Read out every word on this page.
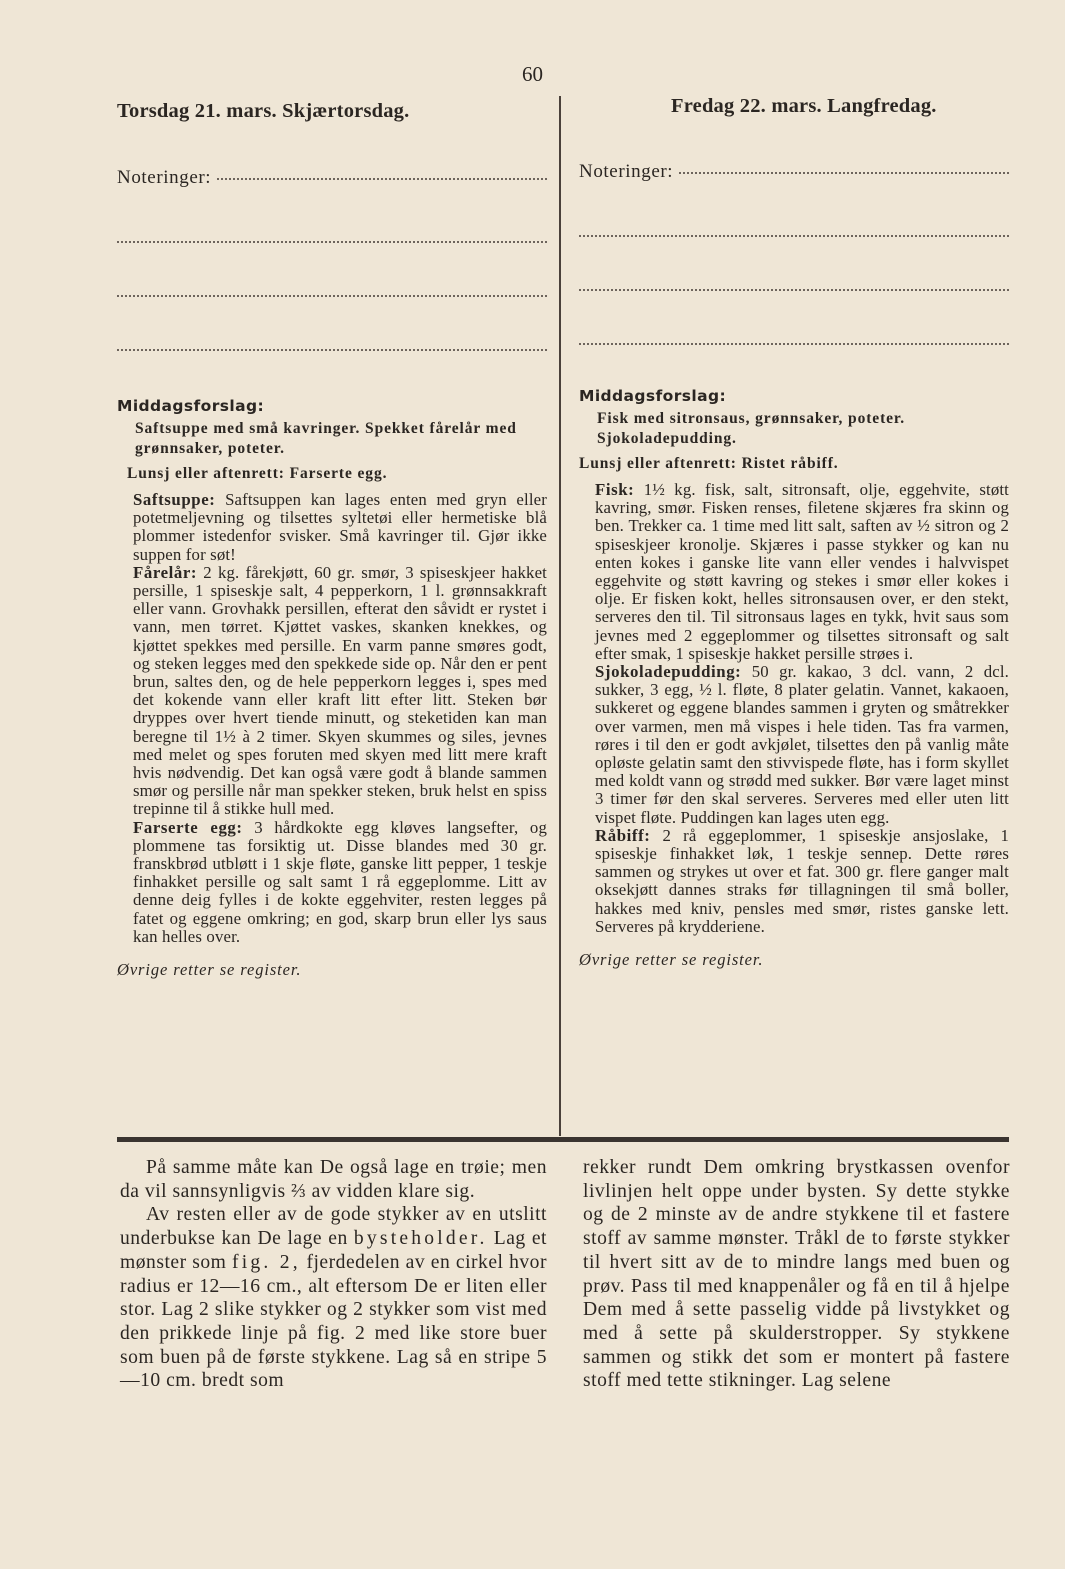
60
Torsdag 21. mars. Skjærtorsdag.
Noteringer:
Middagsforslag:

Saftsuppe med små kavringer. Spekket fårelår med grønnsaker, poteter.

Lunsj eller aftenrett: Farserte egg.

Saftsuppe: Saftsuppen kan lages enten med gryn eller potetmeljevning og tilsettes syltetøi eller hermetiske blå plommer istedenfor svisker. Små kavringer til. Gjør ikke suppen for søt!

Fårelår: 2 kg. fårekjøtt, 60 gr. smør, 3 spiseskjeer hakket persille, 1 spiseskje salt, 4 pepperkorn, 1 l. grønnsakkraft eller vann. Grovhakk persillen, efterat den såvidt er rystet i vann, men tørret. Kjøttet vaskes, skanken knekkes, og kjøttet spekkes med persille. En varm panne smøres godt, og steken legges med den spekkede side op. Når den er pent brun, saltes den, og de hele pepperkorn legges i, spes med det kokende vann eller kraft litt efter litt. Steken bør dryppes over hvert tiende minutt, og steketiden kan man beregne til 1½ à 2 timer. Skyen skummes og siles, jevnes med melet og spes foruten med skyen med litt mere kraft hvis nødvendig. Det kan også være godt å blande sammen smør og persille når man spekker steken, bruk helst en spiss trepinne til å stikke hull med.

Farserte egg: 3 hårdkokte egg kløves langsefter, og plommene tas forsiktig ut. Disse blandes med 30 gr. franskbrød utbløtt i 1 skje fløte, ganske litt pepper, 1 teskje finhakket persille og salt samt 1 rå eggeplomme. Litt av denne deig fylles i de kokte eggehviter, resten legges på fatet og eggene omkring; en god, skarp brun eller lys saus kan helles over.

Øvrige retter se register.
Fredag 22. mars. Langfredag.
Noteringer:
Middagsforslag:

Fisk med sitronsaus, grønnsaker, poteter. Sjokoladepudding.

Lunsj eller aftenrett: Ristet råbiff.

Fisk: 1½ kg. fisk, salt, sitronsaft, olje, eggehvite, støtt kavring, smør. Fisken renses, filetene skjæres fra skinn og ben. Trekker ca. 1 time med litt salt, saften av ½ sitron og 2 spiseskjeer kronolje. Skjæres i passe stykker og kan nu enten kokes i ganske lite vann eller vendes i halvvispet eggehvite og støtt kavring og stekes i smør eller kokes i olje. Er fisken kokt, helles sitronsausen over, er den stekt, serveres den til. Til sitronsaus lages en tykk, hvit saus som jevnes med 2 eggeplommer og tilsettes sitronsaft og salt efter smak, 1 spiseskje hakket persille strøes i.

Sjokoladepudding: 50 gr. kakao, 3 dcl. vann, 2 dcl. sukker, 3 egg, ½ l. fløte, 8 plater gelatin. Vannet, kakaoen, sukkeret og eggene blandes sammen i gryten og småtrekker over varmen, men må vispes i hele tiden. Tas fra varmen, røres i til den er godt avkjølet, tilsettes den på vanlig måte opløste gelatin samt den stivvispede fløte, has i form skyllet med koldt vann og strødd med sukker. Bør være laget minst 3 timer før den skal serveres. Serveres med eller uten litt vispet fløte. Puddingen kan lages uten egg.

Råbiff: 2 rå eggeplommer, 1 spiseskje ansjoslake, 1 spiseskje finhakket løk, 1 teskje sennep. Dette røres sammen og strykes ut over et fat. 300 gr. flere ganger malt oksekjøtt dannes straks før tillagningen til små boller, hakkes med kniv, pensles med smør, ristes ganske lett. Serveres på krydderiene.

Øvrige retter se register.

På samme måte kan De også lage en trøie; men da vil sannsynligvis ⅔ av vidden klare sig.

Av resten eller av de gode stykker av en utslitt underbukse kan De lage en bysteholder. Lag et mønster som fig. 2, fjerdedelen av en cirkel hvor radius er 12—16 cm., alt eftersom De er liten eller stor. Lag 2 slike stykker og 2 stykker som vist med den prikkede linje på fig. 2 med like store buer som buen på de første stykkene. Lag så en stripe 5—10 cm. bredt som

rekker rundt Dem omkring brystkassen ovenfor livlinjen helt oppe under bysten. Sy dette stykke og de 2 minste av de andre stykkene til et fastere stoff av samme mønster. Tråkl de to første stykker til hvert sitt av de to mindre langs med buen og prøv. Pass til med knappenåler og få en til å hjelpe Dem med å sette passelig vidde på livstykket og med å sette på skulderstropper. Sy stykkene sammen og stikk det som er montert på fastere stoff med tette stikninger. Lag selene
